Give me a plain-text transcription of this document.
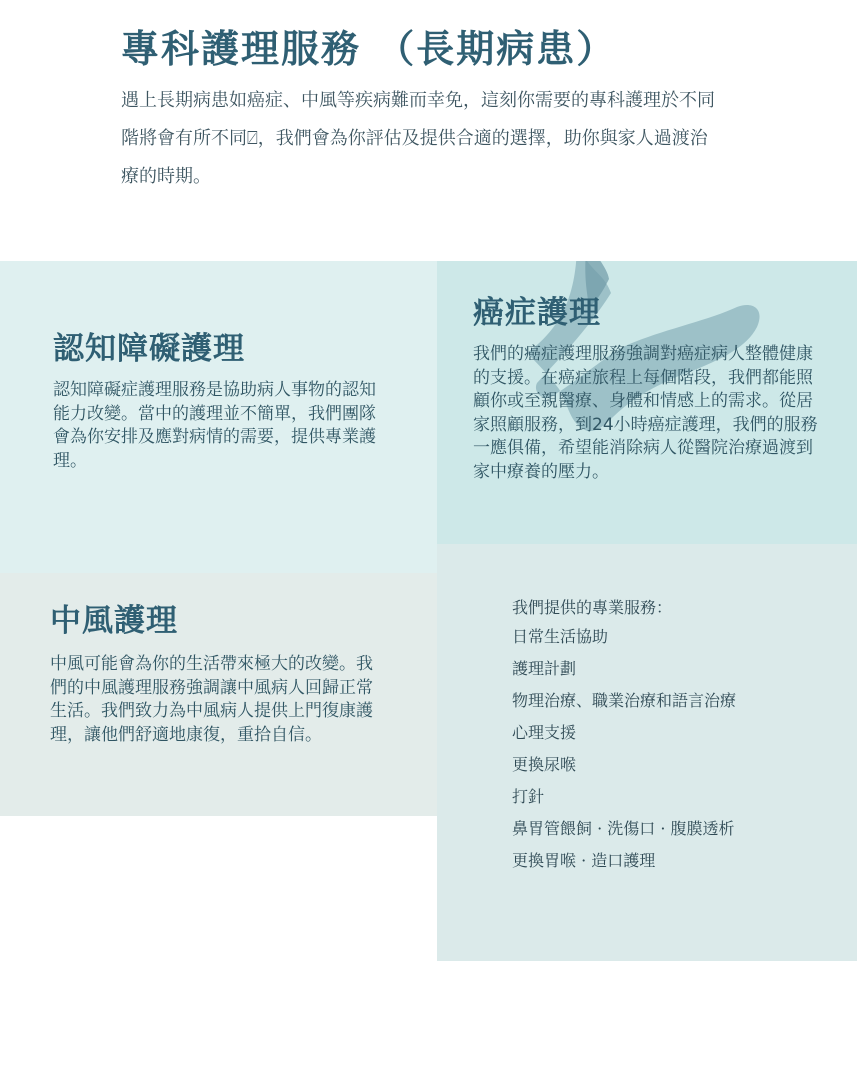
專科護理服務 （長期病患）
遇上長期病患如癌症、中風等疾病難而幸免，這刻你需要的專科護理於不同階將會有所不同⍁，我們會為你評估及提供合適的選擇，助你與家人過渡治療的時期。
認知障礙護理
認知障礙症護理服務是協助病人事物的認知能力改變。當中的護理並不簡單，我們團隊會為你安排及應對病情的需要，提供專業護理。
癌症護理
我們的癌症護理服務強調對癌症病人整體健康的支援。在癌症旅程上每個階段，我們都能照顧你或至親醫療、身體和情感上的需求。從居家照顧服務，到24小時癌症護理，我們的服務一應俱備，希望能消除病人從醫院治療過渡到家中療養的壓力。
中風護理
中風可能會為你的生活帶來極大的改變。我們的中風護理服務強調讓中風病人回歸正常生活。我們致力為中風病人提供上門復康護理，讓他們舒適地康復，重拾自信。
我們提供的專業服務：
日常生活協助
護理計劃
物理治療、職業治療和語言治療
心理支援
更換尿喉
打針
鼻胃管餵飼 · 洗傷口 · 腹膜透析
更換胃喉 · 造口護理
